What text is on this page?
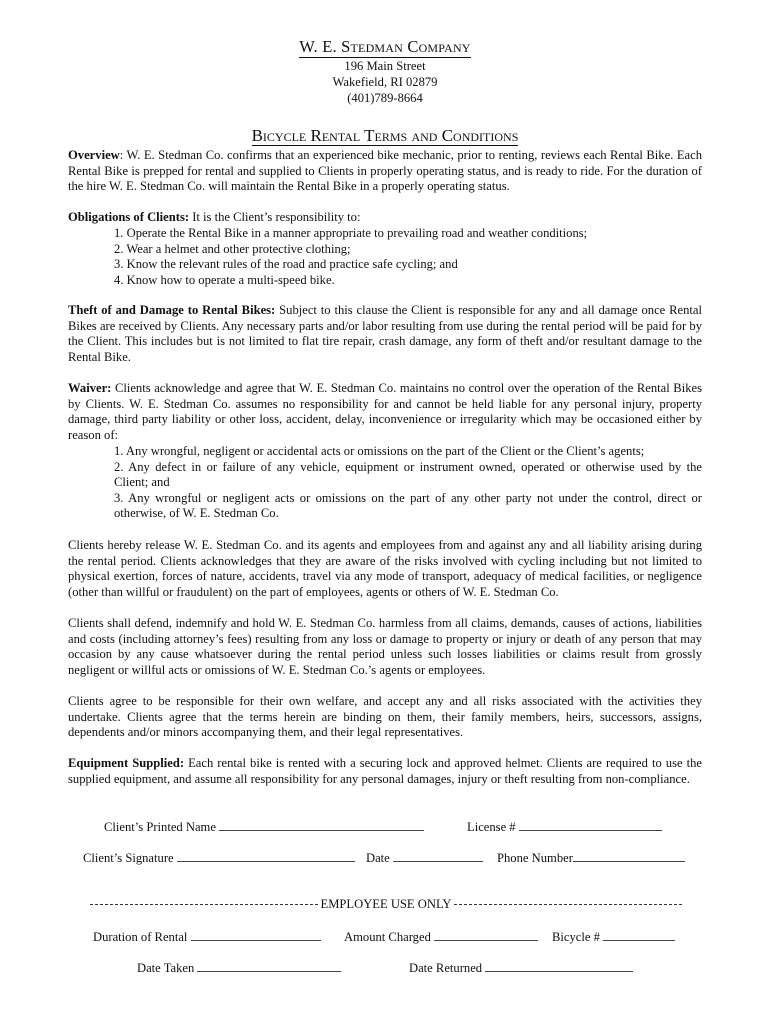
W. E. Stedman Company
196 Main Street
Wakefield, RI 02879
(401)789-8664
Bicycle Rental Terms and Conditions
Overview: W. E. Stedman Co. confirms that an experienced bike mechanic, prior to renting, reviews each Rental Bike. Each Rental Bike is prepped for rental and supplied to Clients in properly operating status, and is ready to ride. For the duration of the hire W. E. Stedman Co. will maintain the Rental Bike in a properly operating status.
Obligations of Clients: It is the Client’s responsibility to:
1. Operate the Rental Bike in a manner appropriate to prevailing road and weather conditions;
2. Wear a helmet and other protective clothing;
3. Know the relevant rules of the road and practice safe cycling; and
4. Know how to operate a multi-speed bike.
Theft of and Damage to Rental Bikes: Subject to this clause the Client is responsible for any and all damage once Rental Bikes are received by Clients. Any necessary parts and/or labor resulting from use during the rental period will be paid for by the Client. This includes but is not limited to flat tire repair, crash damage, any form of theft and/or resultant damage to the Rental Bike.
Waiver: Clients acknowledge and agree that W. E. Stedman Co. maintains no control over the operation of the Rental Bikes by Clients. W. E. Stedman Co. assumes no responsibility for and cannot be held liable for any personal injury, property damage, third party liability or other loss, accident, delay, inconvenience or irregularity which may be occasioned either by reason of:
1. Any wrongful, negligent or accidental acts or omissions on the part of the Client or the Client’s agents;
2. Any defect in or failure of any vehicle, equipment or instrument owned, operated or otherwise used by the
Client; and
3. Any wrongful or negligent acts or omissions on the part of any other party not under the control, direct or
otherwise, of W. E. Stedman Co.
Clients hereby release W. E. Stedman Co. and its agents and employees from and against any and all liability arising during the rental period. Clients acknowledges that they are aware of the risks involved with cycling including but not limited to physical exertion, forces of nature, accidents, travel via any mode of transport, adequacy of medical facilities, or negligence (other than willful or fraudulent) on the part of employees, agents or others of W. E. Stedman Co.
Clients shall defend, indemnify and hold W. E. Stedman Co. harmless from all claims, demands, causes of actions, liabilities and costs (including attorney’s fees) resulting from any loss or damage to property or injury or death of any person that may occasion by any cause whatsoever during the rental period unless such losses liabilities or claims result from grossly negligent or willful acts or omissions of W. E. Stedman Co.’s agents or employees.
Clients agree to be responsible for their own welfare, and accept any and all risks associated with the activities they undertake. Clients agree that the terms herein are binding on them, their family members, heirs, successors, assigns, dependents and/or minors accompanying them, and their legal representatives.
Equipment Supplied: Each rental bike is rented with a securing lock and approved helmet. Clients are required to use the supplied equipment, and assume all responsibility for any personal damages, injury or theft resulting from non-compliance.
Client’s Printed Name	License #
Client’s Signature	Date	Phone Number
EMPLOYEE USE ONLY
Duration of Rental	Amount Charged	Bicycle #
Date Taken	Date Returned
